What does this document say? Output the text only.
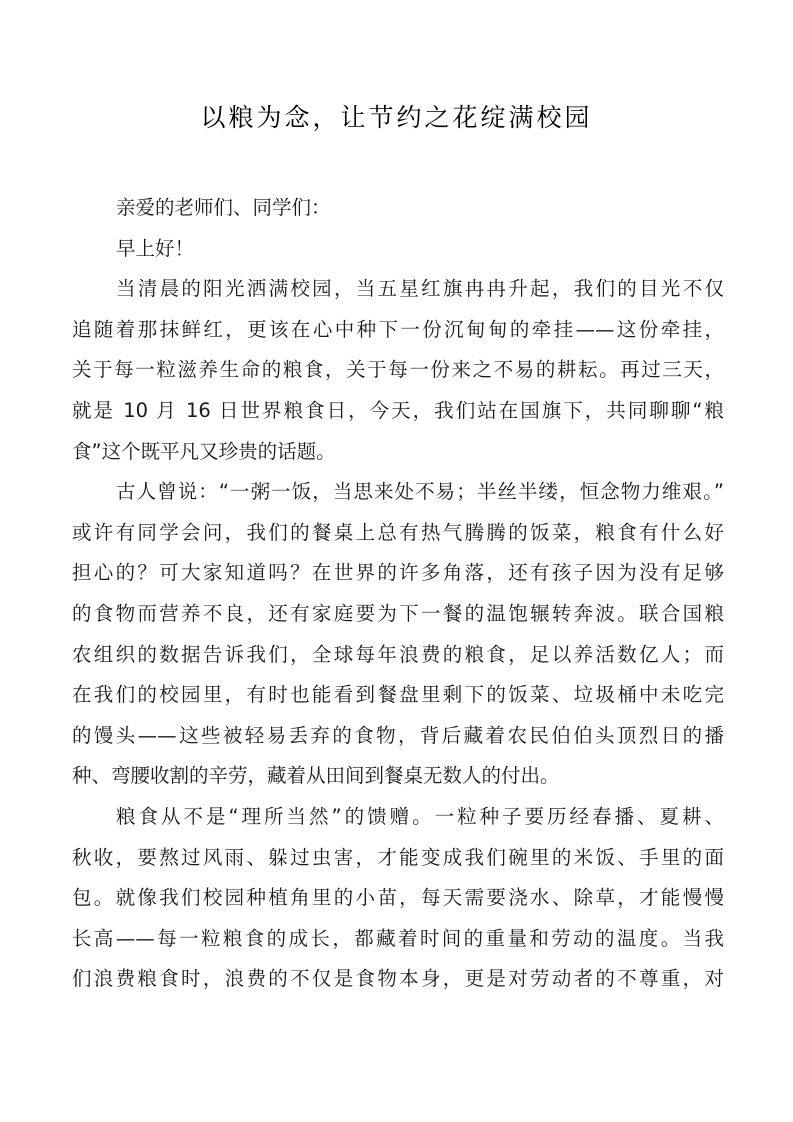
以粮为念，让节约之花绽满校园
亲爱的老师们、同学们：
早上好！
当清晨的阳光洒满校园，当五星红旗冉冉升起，我们的目光不仅
追随着那抹鲜红，更该在心中种下一份沉甸甸的牵挂——这份牵挂，
关于每一粒滋养生命的粮食，关于每一份来之不易的耕耘。再过三天，
就是 10 月 16 日世界粮食日，今天，我们站在国旗下，共同聊聊“粮
食”这个既平凡又珍贵的话题。
古人曾说：“一粥一饭，当思来处不易；半丝半缕，恒念物力维艰。”
或许有同学会问，我们的餐桌上总有热气腾腾的饭菜，粮食有什么好
担心的？可大家知道吗？在世界的许多角落，还有孩子因为没有足够
的食物而营养不良，还有家庭要为下一餐的温饱辗转奔波。联合国粮
农组织的数据告诉我们，全球每年浪费的粮食，足以养活数亿人；而
在我们的校园里，有时也能看到餐盘里剩下的饭菜、垃圾桶中未吃完
的馒头——这些被轻易丢弃的食物，背后藏着农民伯伯头顶烈日的播
种、弯腰收割的辛劳，藏着从田间到餐桌无数人的付出。
粮食从不是“理所当然”的馈赠。一粒种子要历经春播、夏耕、
秋收，要熬过风雨、躲过虫害，才能变成我们碗里的米饭、手里的面
包。就像我们校园种植角里的小苗，每天需要浇水、除草，才能慢慢
长高——每一粒粮食的成长，都藏着时间的重量和劳动的温度。当我
们浪费粮食时，浪费的不仅是食物本身，更是对劳动者的不尊重，对
